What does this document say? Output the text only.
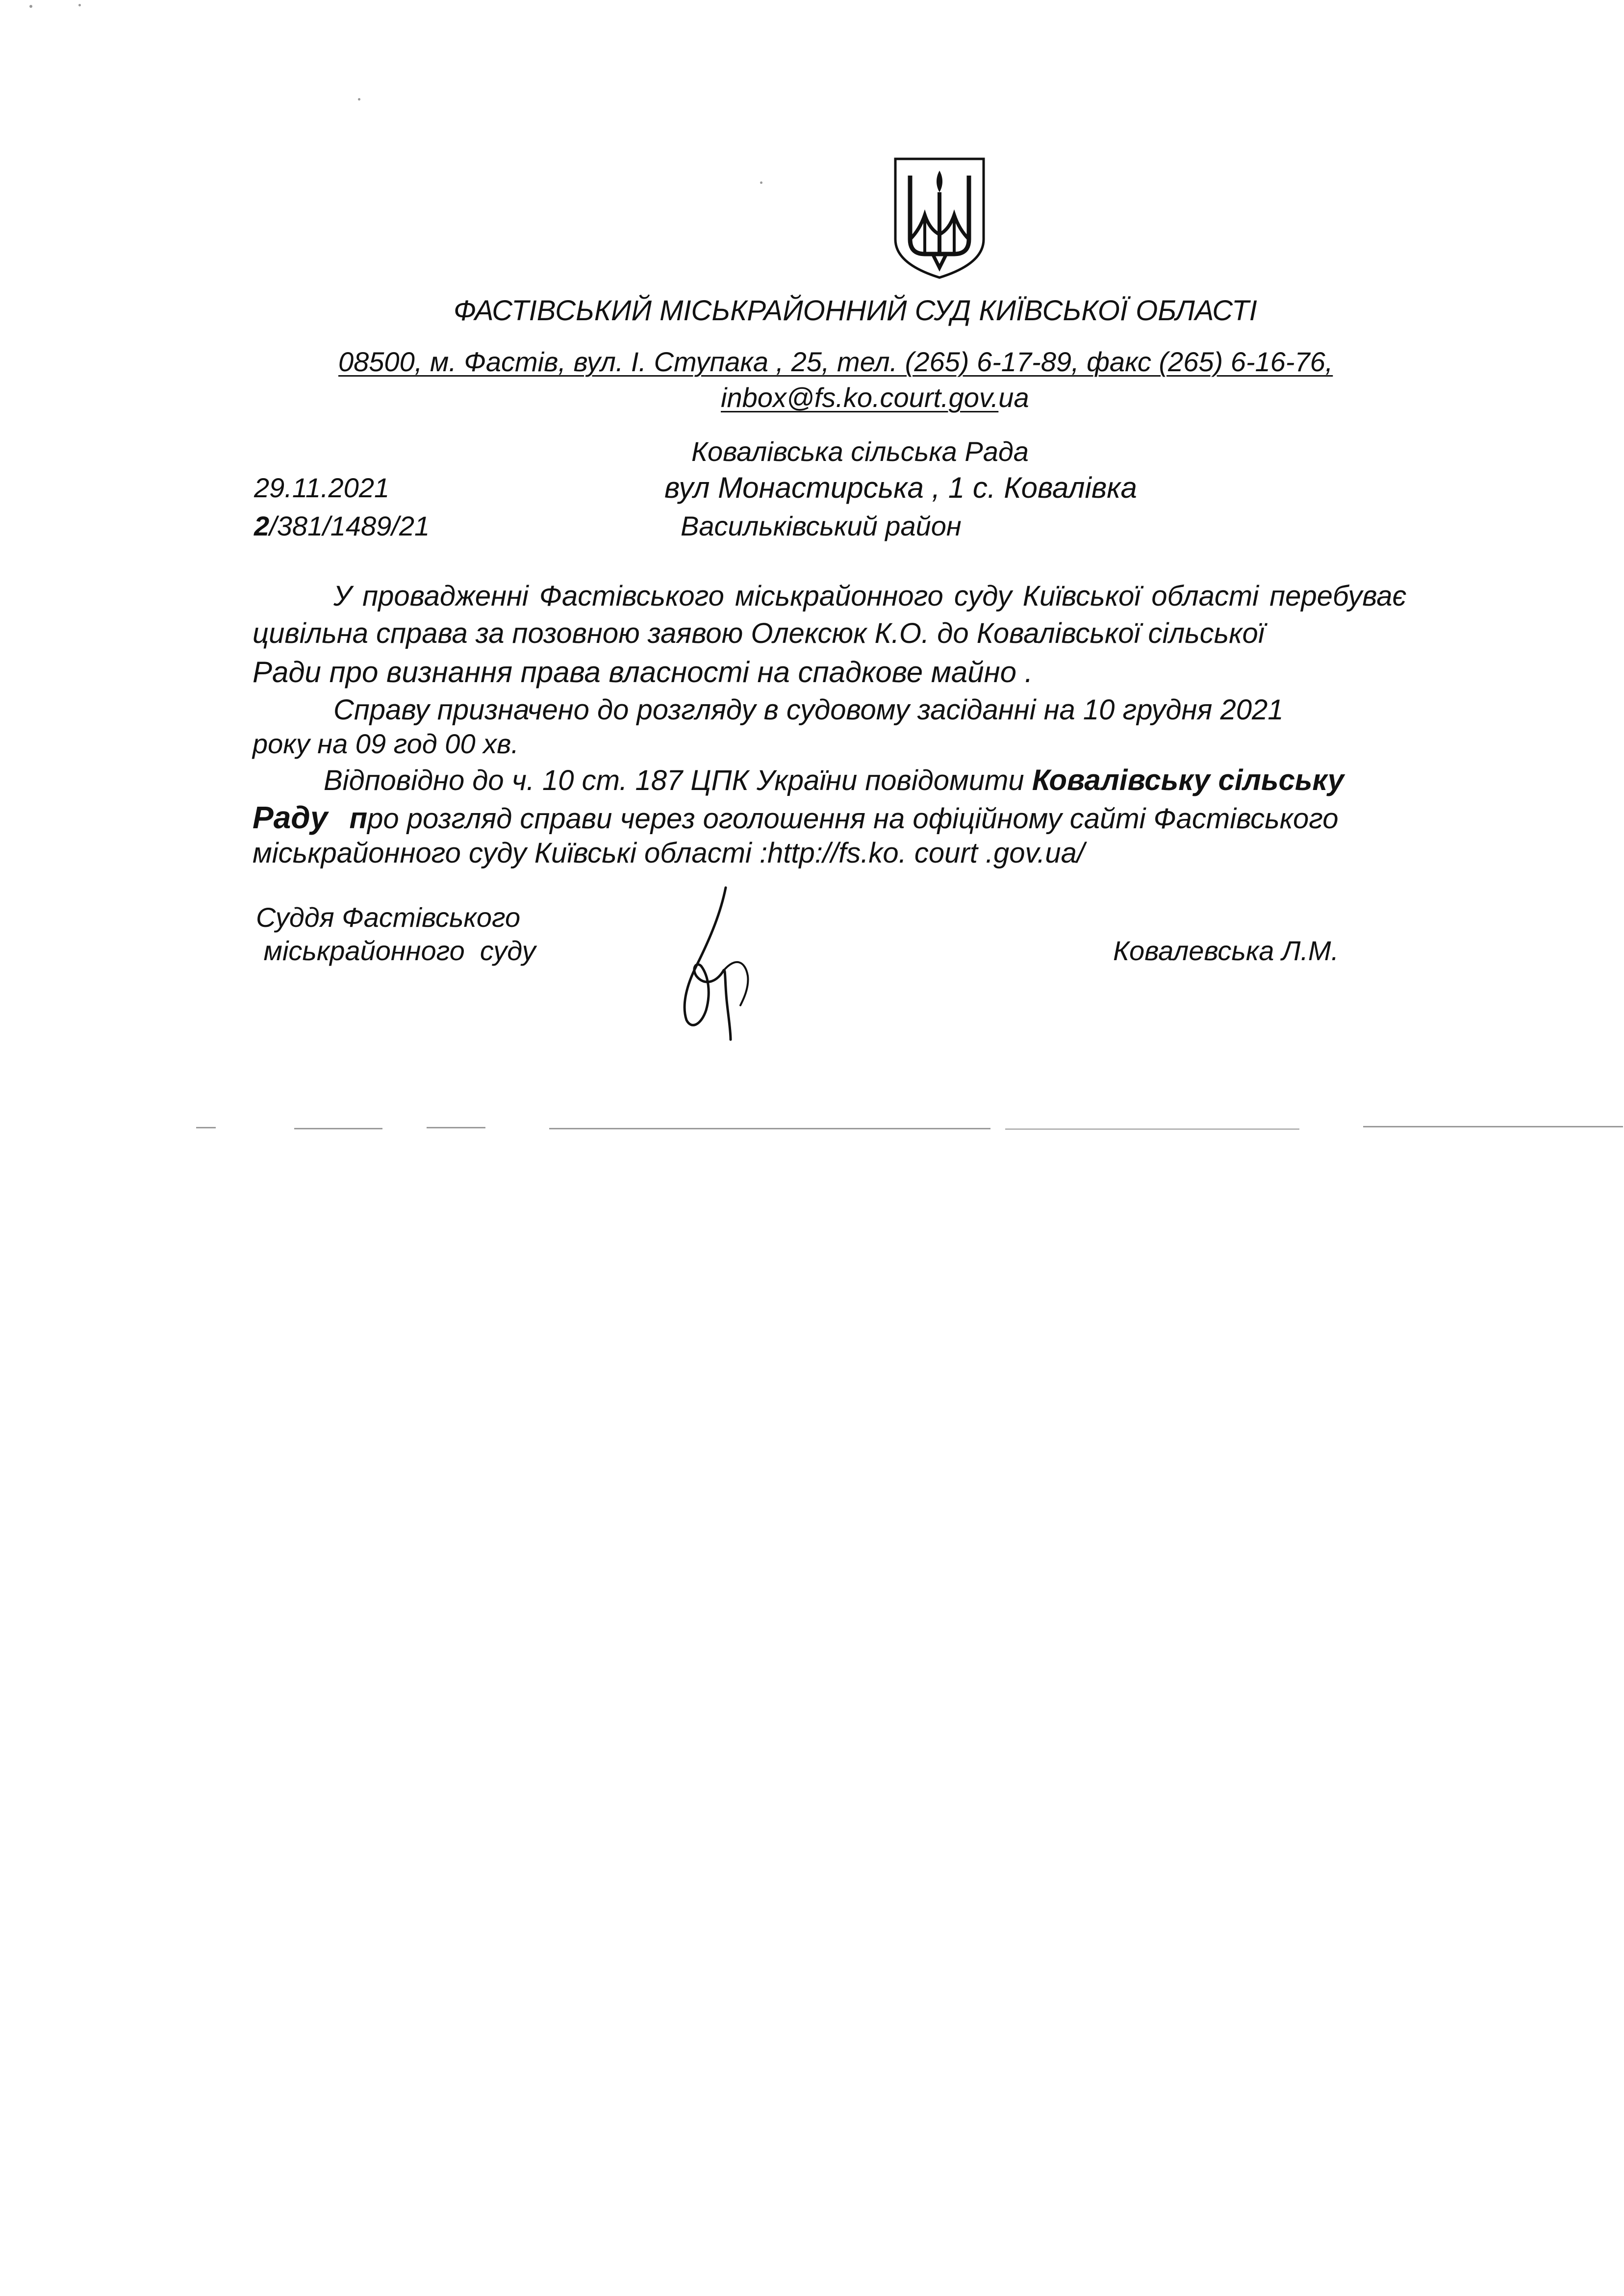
ФАСТІВСЬКИЙ МІСЬКРАЙОННИЙ СУД КИЇВСЬКОЇ ОБЛАСТІ
08500, м. Фастів, вул. І. Ступака , 25, тел. (265) 6-17-89, факс (265) 6-16-76,
inbox@fs.ko.court.gov.ua
Ковалівська сільська Рада
вул Монастирська , 1 с. Ковалівка
Васильківський район
29.11.2021
2/381/1489/21
У провадженні Фастівського міськрайонного суду Київської області перебуває
цивільна справа за позовною заявою Олексюк К.О. до Ковалівської сільської
Ради про визнання права власності на спадкове майно .
Справу призначено до розгляду в судовому засіданні на 10 грудня 2021
року на 09 год 00 хв.
Відповідно до ч. 10 ст. 187 ЦПК України повідомити Ковалівську сільську
Раду про розгляд справи через оголошення на офіційному сайті Фастівського
міськрайонного суду Київські області :http://fs.ko. court .gov.ua/
Суддя Фастівського
міськрайонного  суду	Ковалевська Л.М.
